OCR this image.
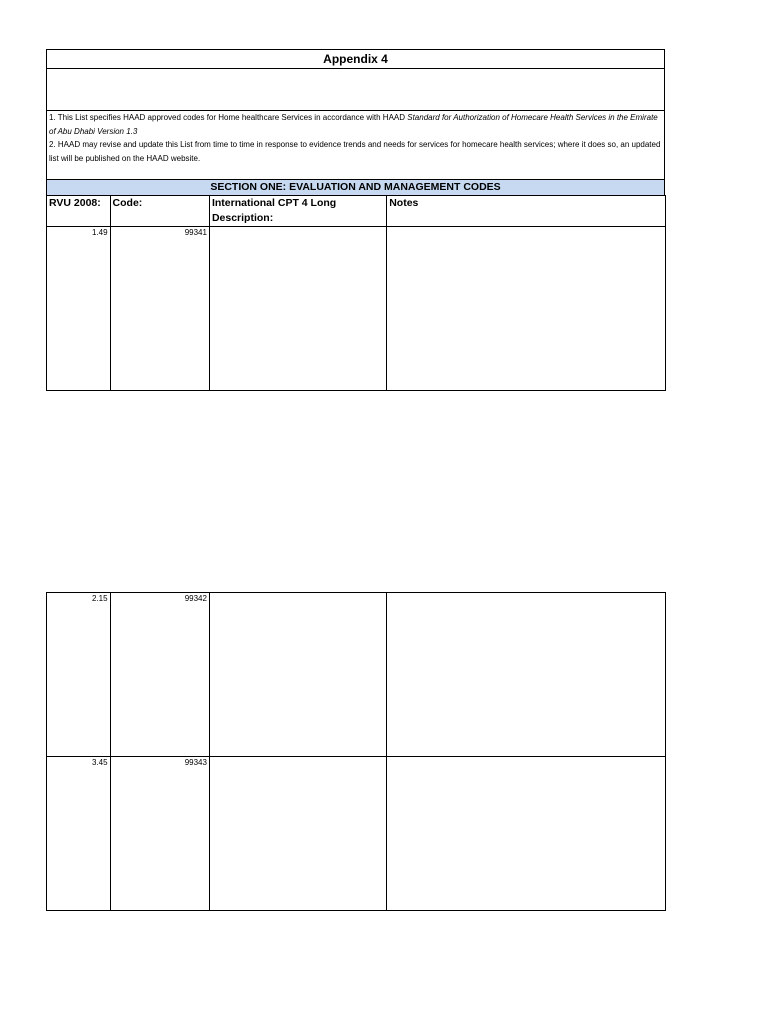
Appendix 4

1. This List specifies HAAD approved codes for Home healthcare Services in accordance with HAAD Standard for Authorization of Homecare Health Services in the Emirate of Abu Dhabi Version 1.3

2. HAAD may revise and update this List from time to time in response to evidence trends and needs for services for homecare health services; where it does so, an updated list will be published on the HAAD website.

SECTION ONE: EVALUATION AND MANAGEMENT CODES
RVU 2008:	Code:	International CPT 4 Long Description:	Notes
1.49	99341		
2.15	99342		
3.45	99343		
